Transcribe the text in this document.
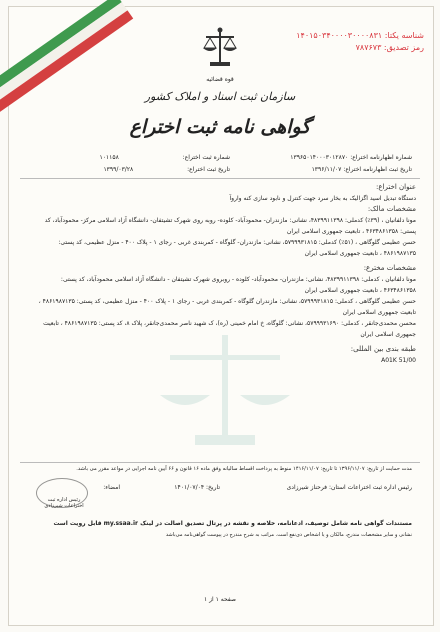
شناسه یکتا: ۱۴۰۱۵۰۳۴۰۰۰۰۳۰۰۰۰۸۳۱
رمز تصدیق: ۷۸۷۶۷۳
قوه قضائیه
سازمان ثبت اسناد و املاک کشور
گواهی نامه ثبت اختراع
شماره اظهارنامه اختراع: ۱۳۹۶۵۰۱۴۰۰۰۳۰۱۲۸۷۰
شماره ثبت اختراع:  ۱۰۱۱۵۸
تاریخ ثبت اظهارنامه اختراع: ۱۳۹۶/۱۱/۰۷
تاریخ ثبت اختراع:  ۱۳۹۹/۰۳/۲۸
عنوان اختراع:
دستگاه تبدیل اسید اگزالیک به بخار سرد جهت کنترل و نابود سازی کنه واروآ
مشخصات مالک:
مونا دلفانیان ، (۳۹٪) کدملی: ۴۸۳۹۹۱۱۳۹۸، نشانی: مازندران- محمودآباد- کلوده- روبه روی شهرک تشیتفان- دانشگاه آزاد اسلامی مرکز- محمودآباد، کد پستی: ۴۶۳۴۸۶۱۳۵۸ ، تابعیت جمهوری اسلامی ایران
حسن عظیمی گلوگاهی ، (۵۱٪) کدملی: ۵۷۹۹۹۳۱۸۱۵، نشانی: مازندران- گلوگاه - کمربندی غربی - رجای ۱ - پلاک ۴۰۰ - منزل عظیمی، کد پستی: ۴۸۶۱۹۸۷۱۳۵ ، تابعیت جمهوری اسلامی ایران
مشخصات مخترع:
مونا دلفانیان ، کدملی: ۴۸۳۹۹۱۱۳۹۸، نشانی: مازندران- محمودآباد- کلوده - روبروی شهرک تشیتفان - دانشگاه آزاد اسلامی محمودآباد، کد پستی: ۴۶۳۴۸۶۱۳۵۸ ، تابعیت جمهوری اسلامی ایران
حسن عظیمی گلوگاهی ، کدملی: ۵۷۹۹۹۳۱۸۱۵، نشانی: مازندران گلوگاه - کمربندی غربی - رجای ۱ - پلاک ۴۰۰ - منزل عظیمی، کد پستی: ۴۸۶۱۹۸۷۱۳۵ ، تابعیت جمهوری اسلامی ایران
محسن محمدی‌جانقر ، کدملی: ۵۷۹۹۹۳۱۶۹۰، نشانی: گلوگاه، خ امام خمینی (ره)، ک شهید ناصر محمدی‌جانقر، پلاک ۸، کد پستی: ۴۸۶۱۹۸۷۱۳۵ ، تابعیت جمهوری اسلامی ایران
طبقه بندی بین المللی:
A01K 51/00
مدت حمایت از تاریخ: ۱۳۹۶/۱۱/۰۷ تا تاریخ: ۱۴۱۶/۱۱/۰۷ منوط به پرداخت اقساط سالیانه وفق ماده ۱۶ قانون و ۶۶ آیین نامه اجرایی در مواعد مقرر می باشد.
رئیس اداره ثبت اختراعات استان: فرحناز شیرزادی
تاریخ: ۱۴۰۱/۰۷/۰۴
امضاء:
رئیس اداره ثبت اختراعات شیرزادی
مستندات گواهی نامه شامل توصیف، ادعانامه، خلاصه و نقشه در پرتال تصدیق اصالت در لینک my.ssaa.ir قابل رویت است
نشانی و سایر مشخصات مندرج، مالکان و یا اشخاص ذی‌نفع است. مراتب به شرح مندرج در پیوست گواهی‌نامه می‌باشد
صفحه ۱ از ۱
